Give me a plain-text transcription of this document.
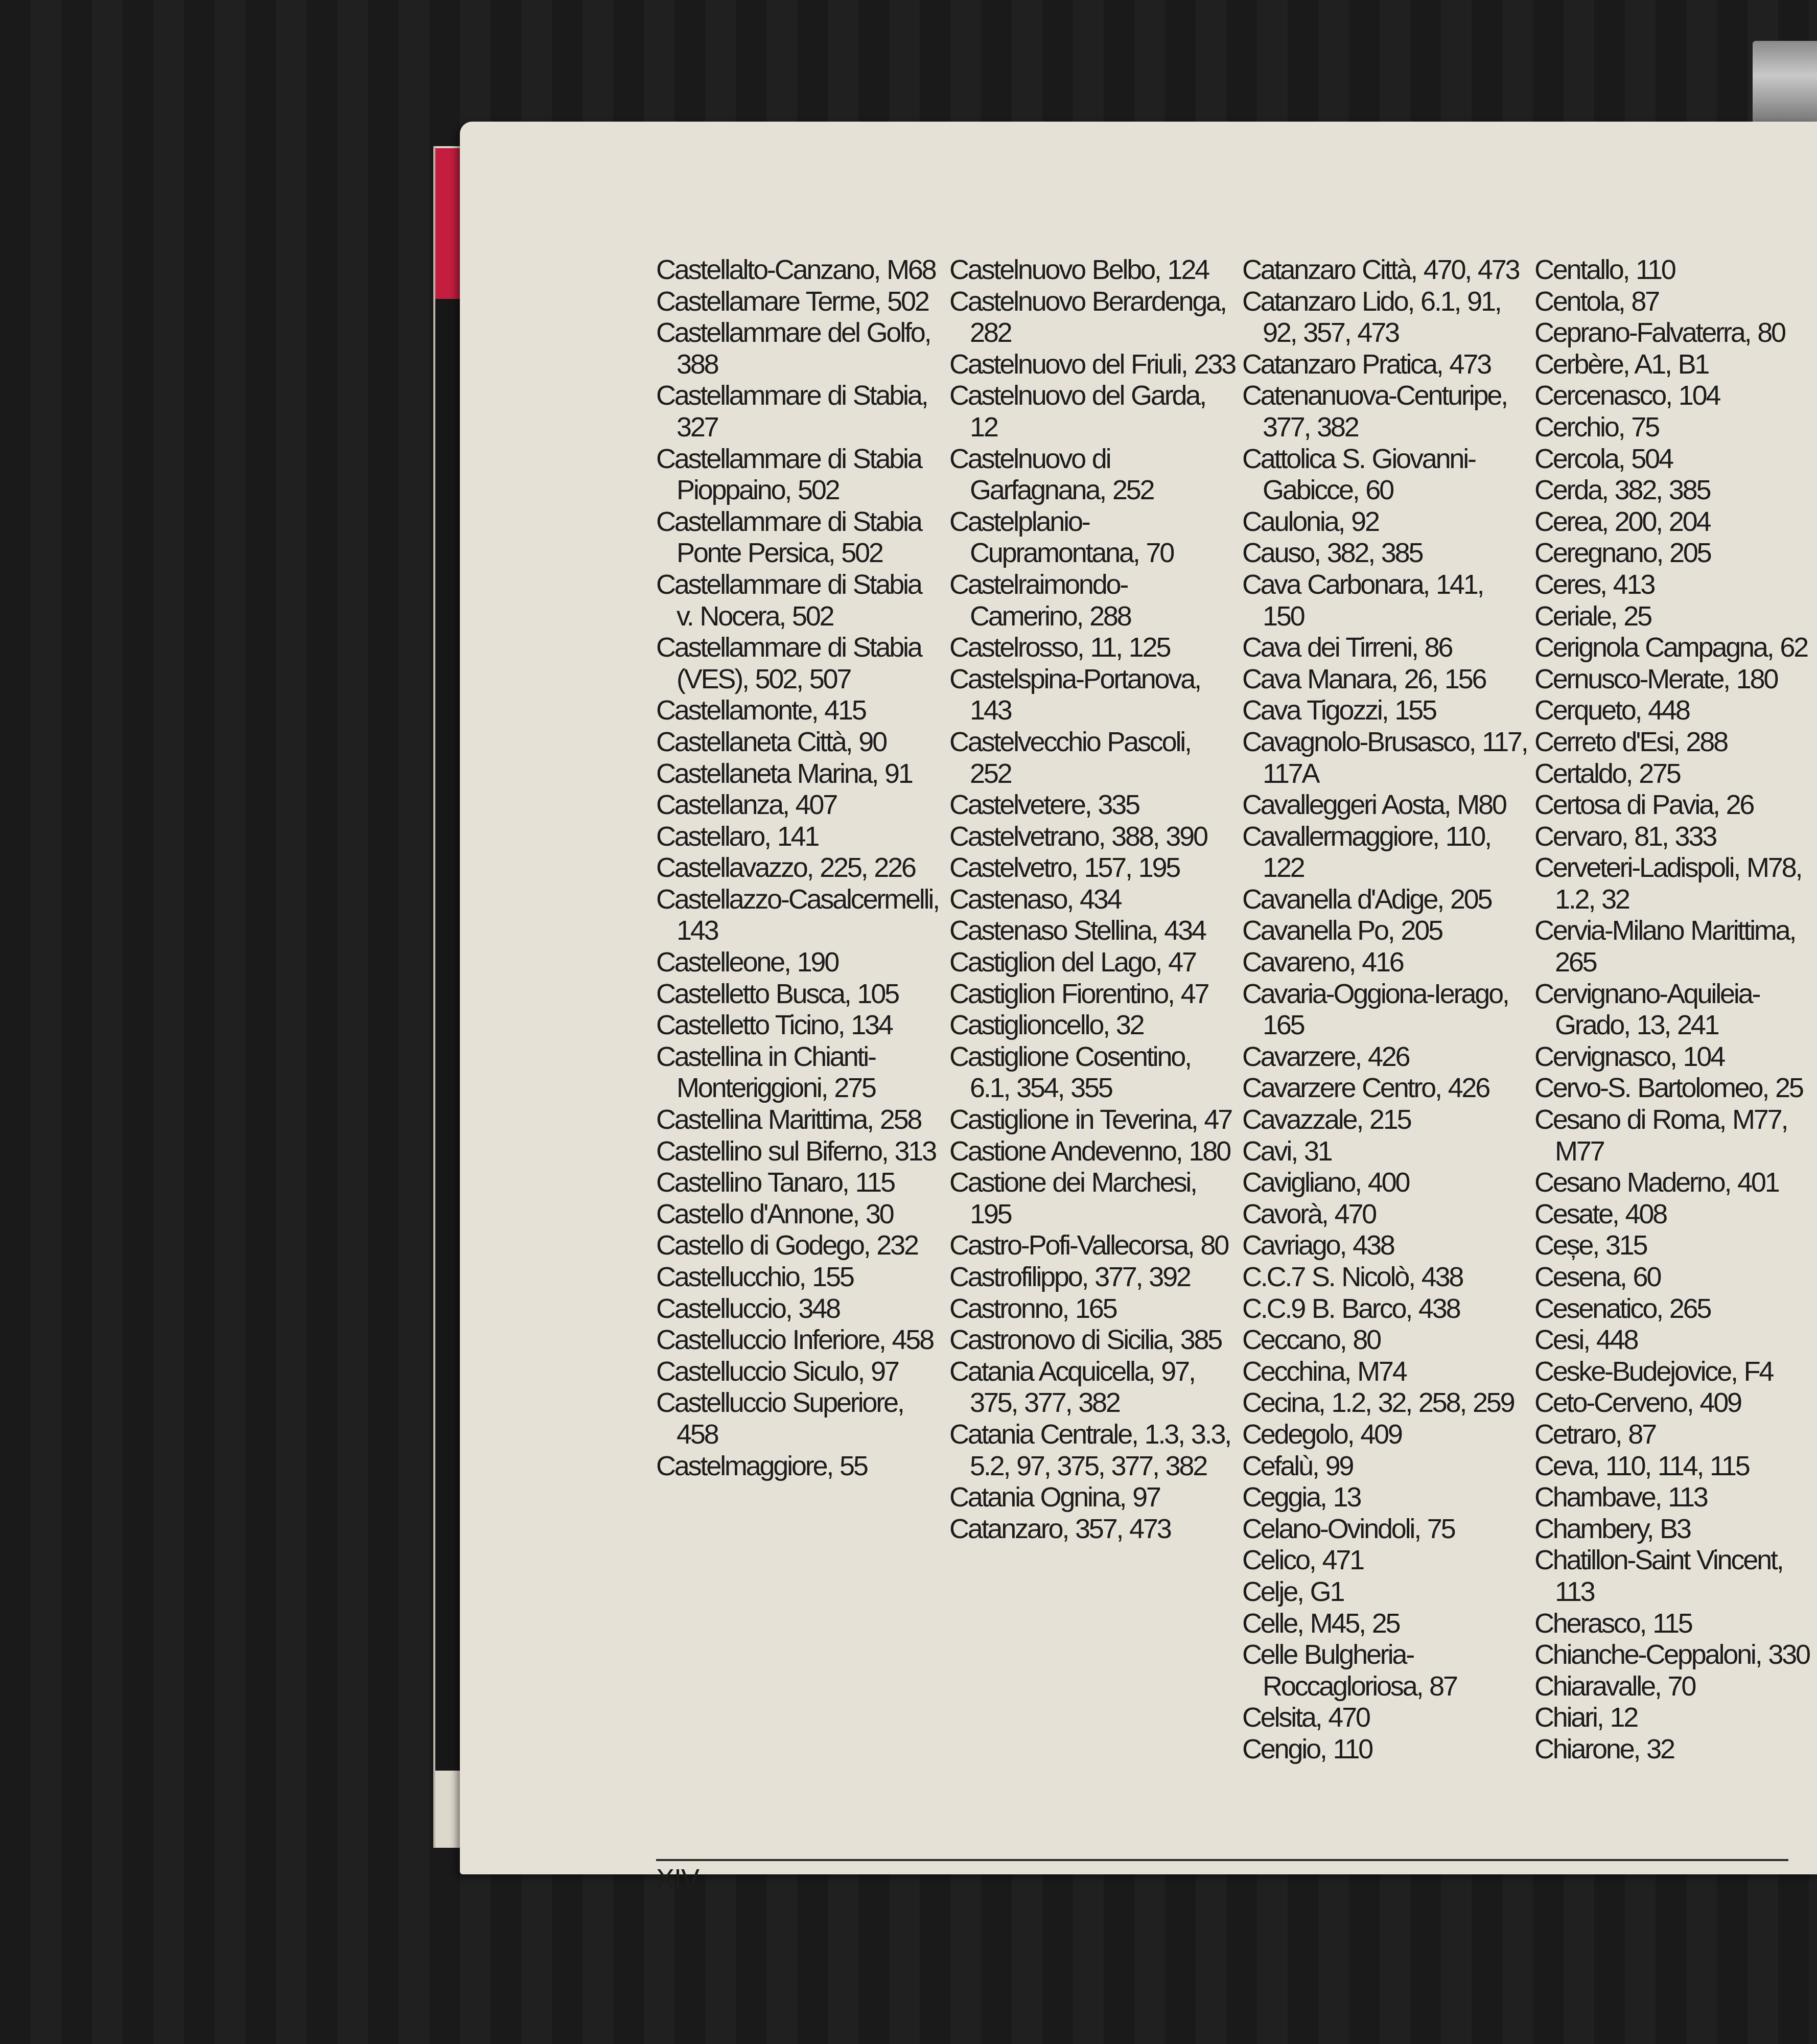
Castellalto-Canzano, M68
Castellamare Terme, 502
Castellammare del Golfo, 388
Castellammare di Stabia, 327
Castellammare di Stabia Pioppaino, 502
Castellammare di Stabia Ponte Persica, 502
Castellammare di Stabia v. Nocera, 502
Castellammare di Stabia (VES), 502, 507
Castellamonte, 415
Castellaneta Città, 90
Castellaneta Marina, 91
Castellanza, 407
Castellaro, 141
Castellavazzo, 225, 226
Castellazzo-Casalcermelli, 143
Castelleone, 190
Castelletto Busca, 105
Castelletto Ticino, 134
Castellina in Chianti-Monteriggioni, 275
Castellina Marittima, 258
Castellino sul Biferno, 313
Castellino Tanaro, 115
Castello d'Annone, 30
Castello di Godego, 232
Castellucchio, 155
Castelluccio, 348
Castelluccio Inferiore, 458
Castelluccio Siculo, 97
Castelluccio Superiore, 458
Castelmaggiore, 55
Castelnuovo Belbo, 124
Castelnuovo Berardenga, 282
Castelnuovo del Friuli, 233
Castelnuovo del Garda, 12
Castelnuovo di Garfagnana, 252
Castelplanio-Cupramontana, 70
Castelraimondo-Camerino, 288
Castelrosso, 11, 125
Castelspina-Portanova, 143
Castelvecchio Pascoli, 252
Castelvetere, 335
Castelvetrano, 388, 390
Castelvetro, 157, 195
Castenaso, 434
Castenaso Stellina, 434
Castiglion del Lago, 47
Castiglion Fiorentino, 47
Castiglioncello, 32
Castiglione Cosentino, 6.1, 354, 355
Castiglione in Teverina, 47
Castione Andevenno, 180
Castione dei Marchesi, 195
Castro-Pofi-Vallecorsa, 80
Castrofilippo, 377, 392
Castronno, 165
Castronovo di Sicilia, 385
Catania Acquicella, 97, 375, 377, 382
Catania Centrale, 1.3, 3.3, 5.2, 97, 375, 377, 382
Catania Ognina, 97
Catanzaro, 357, 473
Catanzaro Città, 470, 473
Catanzaro Lido, 6.1, 91, 92, 357, 473
Catanzaro Pratica, 473
Catenanuova-Centuripe, 377, 382
Cattolica S. Giovanni-Gabicce, 60
Caulonia, 92
Causo, 382, 385
Cava Carbonara, 141, 150
Cava dei Tirreni, 86
Cava Manara, 26, 156
Cava Tigozzi, 155
Cavagnolo-Brusasco, 117, 117A
Cavalleggeri Aosta, M80
Cavallermaggiore, 110, 122
Cavanella d'Adige, 205
Cavanella Po, 205
Cavareno, 416
Cavaria-Oggiona-Ierago, 165
Cavarzere, 426
Cavarzere Centro, 426
Cavazzale, 215
Cavi, 31
Cavigliano, 400
Cavorà, 470
Cavriago, 438
C.C.7 S. Nicolò, 438
C.C.9 B. Barco, 438
Ceccano, 80
Cecchina, M74
Cecina, 1.2, 32, 258, 259
Cedegolo, 409
Cefalù, 99
Ceggia, 13
Celano-Ovindoli, 75
Celico, 471
Celje, G1
Celle, M45, 25
Celle Bulgheria-Roccagloriosa, 87
Celsita, 470
Cengio, 110
Centallo, 110
Centola, 87
Ceprano-Falvaterra, 80
Cerbère, A1, B1
Cercenasco, 104
Cerchio, 75
Cercola, 504
Cerda, 382, 385
Cerea, 200, 204
Ceregnano, 205
Ceres, 413
Ceriale, 25
Cerignola Campagna, 62
Cernusco-Merate, 180
Cerqueto, 448
Cerreto d'Esi, 288
Certaldo, 275
Certosa di Pavia, 26
Cervaro, 81, 333
Cerveteri-Ladispoli, M78, 1.2, 32
Cervia-Milano Marittima, 265
Cervignano-Aquileia-Grado, 13, 241
Cervignasco, 104
Cervo-S. Bartolomeo, 25
Cesano di Roma, M77, M77
Cesano Maderno, 401
Cesate, 408
Ceșe, 315
Cesena, 60
Cesenatico, 265
Cesi, 448
Ceske-Budejovice, F4
Ceto-Cerveno, 409
Cetraro, 87
Ceva, 110, 114, 115
Chambave, 113
Chambery, B3
Chatillon-Saint Vincent, 113
Cherasco, 115
Chianche-Ceppaloni, 330
Chiaravalle, 70
Chiari, 12
Chiarone, 32
XIV
